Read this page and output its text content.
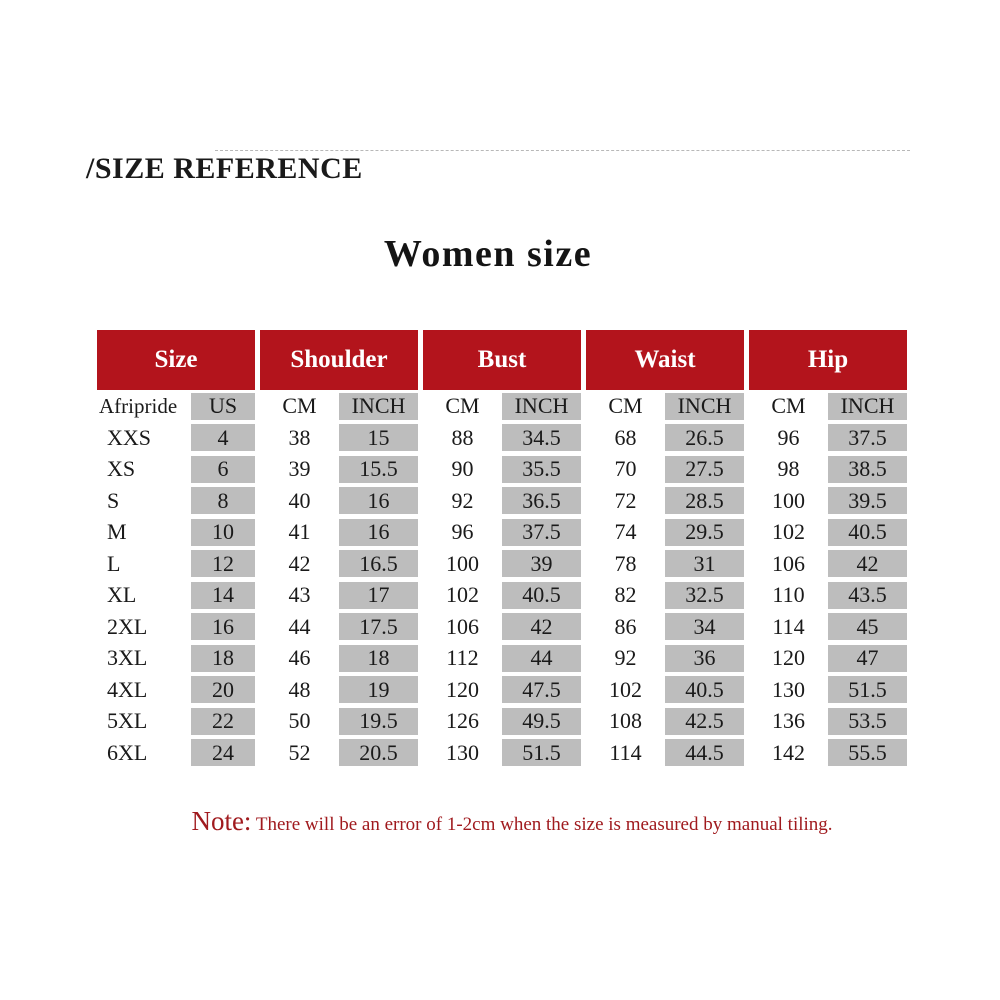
/SIZE REFERENCE
Women size
Size	Shoulder	Bust	Waist	Hip
Afripride	US	CM	INCH	CM	INCH	CM	INCH	CM	INCH
XXS	4	38	15	88	34.5	68	26.5	96	37.5
XS	6	39	15.5	90	35.5	70	27.5	98	38.5
S	8	40	16	92	36.5	72	28.5	100	39.5
M	10	41	16	96	37.5	74	29.5	102	40.5
L	12	42	16.5	100	39	78	31	106	42
XL	14	43	17	102	40.5	82	32.5	110	43.5
2XL	16	44	17.5	106	42	86	34	114	45
3XL	18	46	18	112	44	92	36	120	47
4XL	20	48	19	120	47.5	102	40.5	130	51.5
5XL	22	50	19.5	126	49.5	108	42.5	136	53.5
6XL	24	52	20.5	130	51.5	114	44.5	142	55.5
Note: There will be an error of 1-2cm when the size is measured by manual tiling.
